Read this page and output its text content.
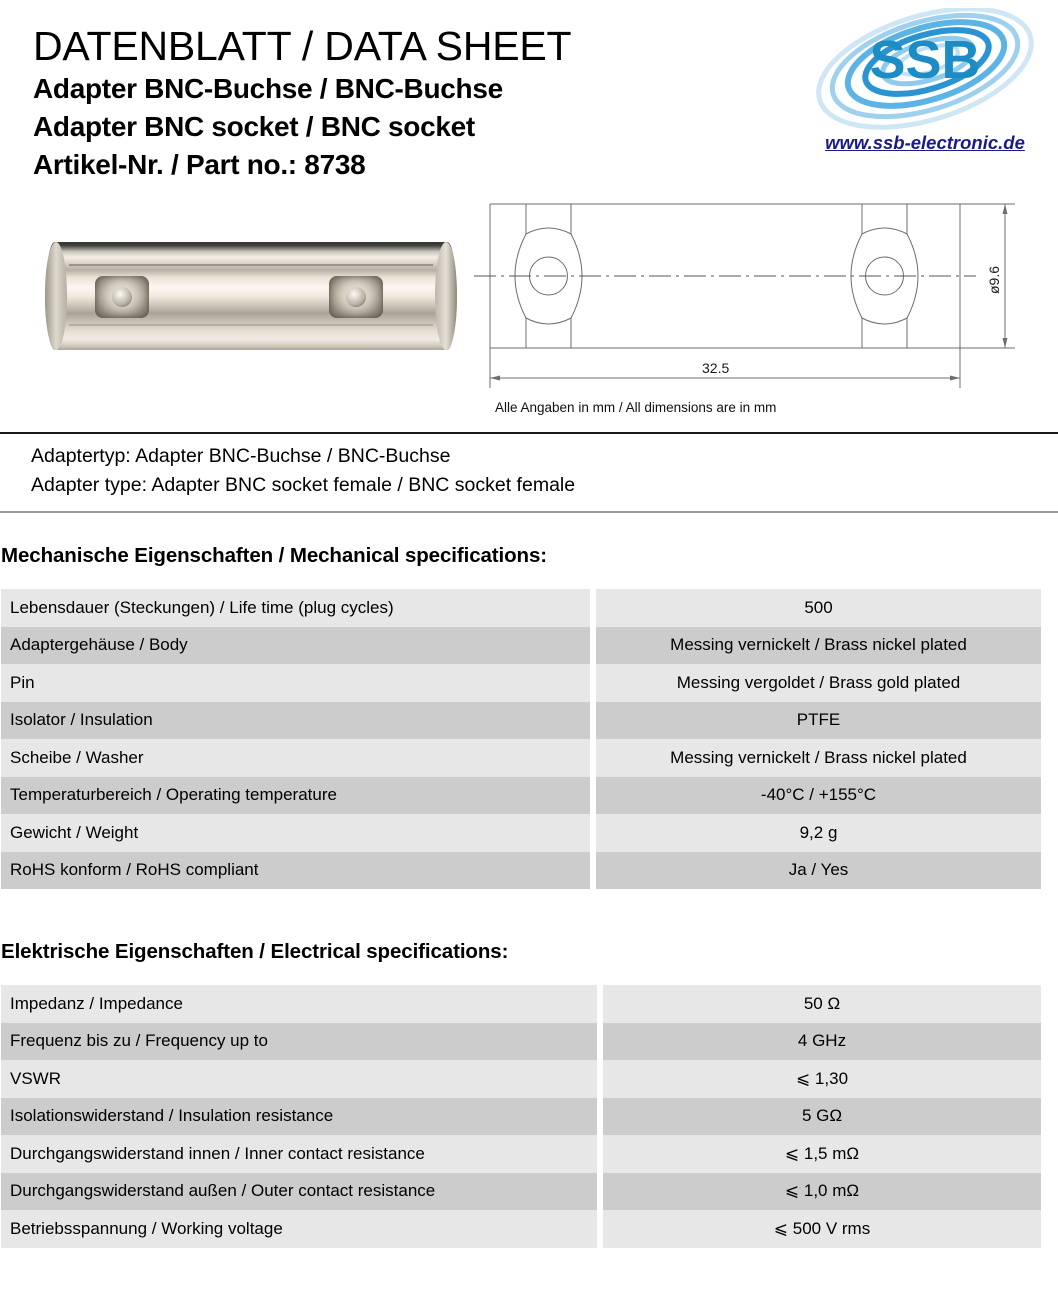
DATENBLATT / DATA SHEET
Adapter BNC-Buchse / BNC-Buchse
Adapter BNC socket / BNC socket
Artikel-Nr. / Part no.: 8738
SSB
www.ssb-electronic.de
32.5
ø9.6
Alle Angaben in mm / All dimensions are in mm
Adaptertyp: Adapter BNC-Buchse / BNC-Buchse
Adapter type: Adapter BNC socket female / BNC socket female
Mechanische Eigenschaften / Mechanical specifications:
Lebensdauer (Steckungen) / Life time (plug cycles)		500
Adaptergehäuse / Body		Messing vernickelt / Brass nickel plated
Pin		Messing vergoldet / Brass gold plated
Isolator / Insulation		PTFE
Scheibe / Washer		Messing vernickelt / Brass nickel plated
Temperaturbereich / Operating temperature		-40°C / +155°C
Gewicht / Weight		9,2 g
RoHS konform / RoHS compliant		Ja / Yes
Elektrische Eigenschaften / Electrical specifications:
Impedanz / Impedance		50 Ω
Frequenz bis zu / Frequency up to		4 GHz
VSWR		⩽ 1,30
Isolationswiderstand / Insulation resistance		5 GΩ
Durchgangswiderstand innen / Inner contact resistance		⩽ 1,5 mΩ
Durchgangswiderstand außen / Outer contact resistance		⩽ 1,0 mΩ
Betriebsspannung / Working voltage		⩽ 500 V rms
